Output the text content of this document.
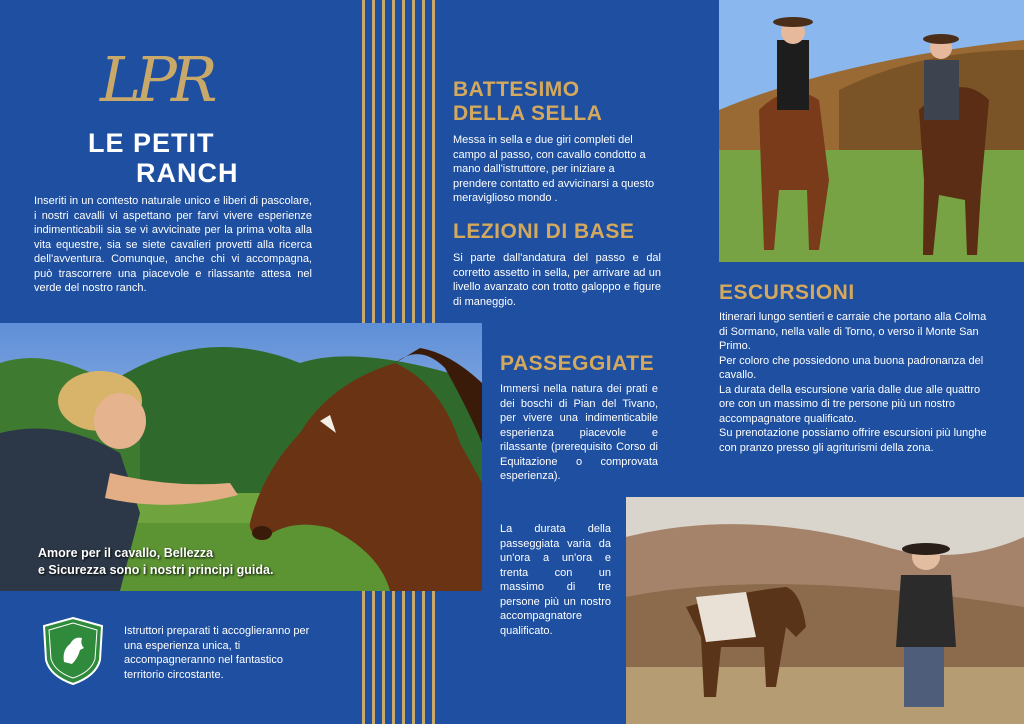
LPR
LE PETIT
RANCH
Inseriti in un contesto naturale unico e liberi di pascolare, i nostri cavalli vi aspettano per farvi vivere esperienze indimenticabili sia se vi avvicinate per la prima volta alla vita equestre, sia se siete cavalieri provetti alla ricerca dell'avventura. Comunque, anche chi vi accompagna, può trascorrere una piacevole e rilassante attesa nel verde del nostro ranch.
Amore per il cavallo, Bellezza
e Sicurezza sono i nostri principi guida.
Istruttori preparati ti accoglieranno per una esperienza unica, ti accompagneranno nel fantastico territorio circostante.
BATTESIMO
DELLA SELLA
Messa in sella e due giri completi del campo al passo, con cavallo condotto a mano dall'istruttore, per iniziare a prendere contatto ed avvicinarsi a questo meraviglioso mondo .
LEZIONI DI BASE
Si parte dall'andatura del passo e dal corretto assetto in sella, per arrivare ad un livello avanzato con trotto galoppo e figure di maneggio.
PASSEGGIATE
Immersi nella natura dei prati e dei boschi di Pian del Tivano, per vivere una indimenticabile esperienza piacevole e rilassante (prerequisito Corso di Equitazione o comprovata esperienza).
La durata della passeggiata varia da un'ora a un'ora e trenta con un massimo di tre persone più un nostro accompagnatore qualificato.
ESCURSIONI

Itinerari lungo sentieri e carraie che portano alla Colma di Sormano, nella valle di Torno, o verso il Monte San Primo.

Per coloro che possiedono una buona padronanza del cavallo.

La durata della escursione varia dalle due alle quattro ore con un massimo di tre persone più un nostro accompagnatore qualificato.

Su prenotazione possiamo offrire escursioni più lunghe con pranzo presso gli agriturismi della zona.
